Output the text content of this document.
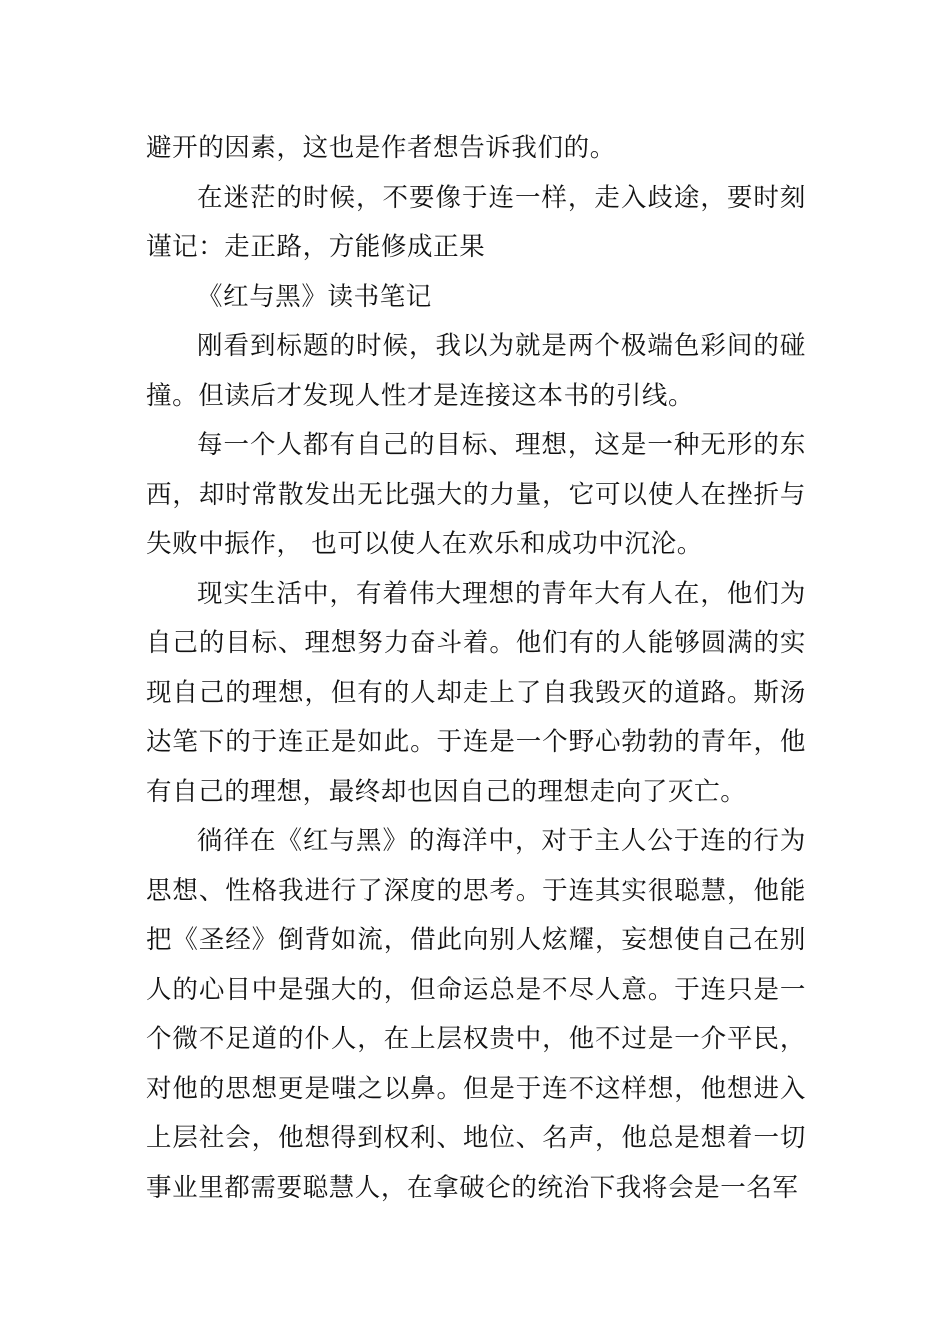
避开的因素，这也是作者想告诉我们的。

在迷茫的时候，不要像于连一样，走入歧途，要时刻谨记：走正路，方能修成正果

《红与黑》读书笔记

刚看到标题的时候，我以为就是两个极端色彩间的碰撞。但读后才发现人性才是连接这本书的引线。

每一个人都有自己的目标、理想，这是一种无形的东西，却时常散发出无比强大的力量，它可以使人在挫折与失败中振作， 也可以使人在欢乐和成功中沉沦。

现实生活中，有着伟大理想的青年大有人在，他们为自己的目标、理想努力奋斗着。他们有的人能够圆满的实现自己的理想，但有的人却走上了自我毁灭的道路。斯汤达笔下的于连正是如此。于连是一个野心勃勃的青年，他有自己的理想，最终却也因自己的理想走向了灭亡。

徜徉在《红与黑》的海洋中，对于主人公于连的行为思想、性格我进行了深度的思考。于连其实很聪慧，他能把《圣经》倒背如流，借此向别人炫耀，妄想使自己在别人的心目中是强大的，但命运总是不尽人意。于连只是一个微不足道的仆人，在上层权贵中，他不过是一介平民，对他的思想更是嗤之以鼻。但是于连不这样想，他想进入上层社会，他想得到权利、地位、名声，他总是想着一切事业里都需要聪慧人，在拿破仑的统治下我将会是一名军
